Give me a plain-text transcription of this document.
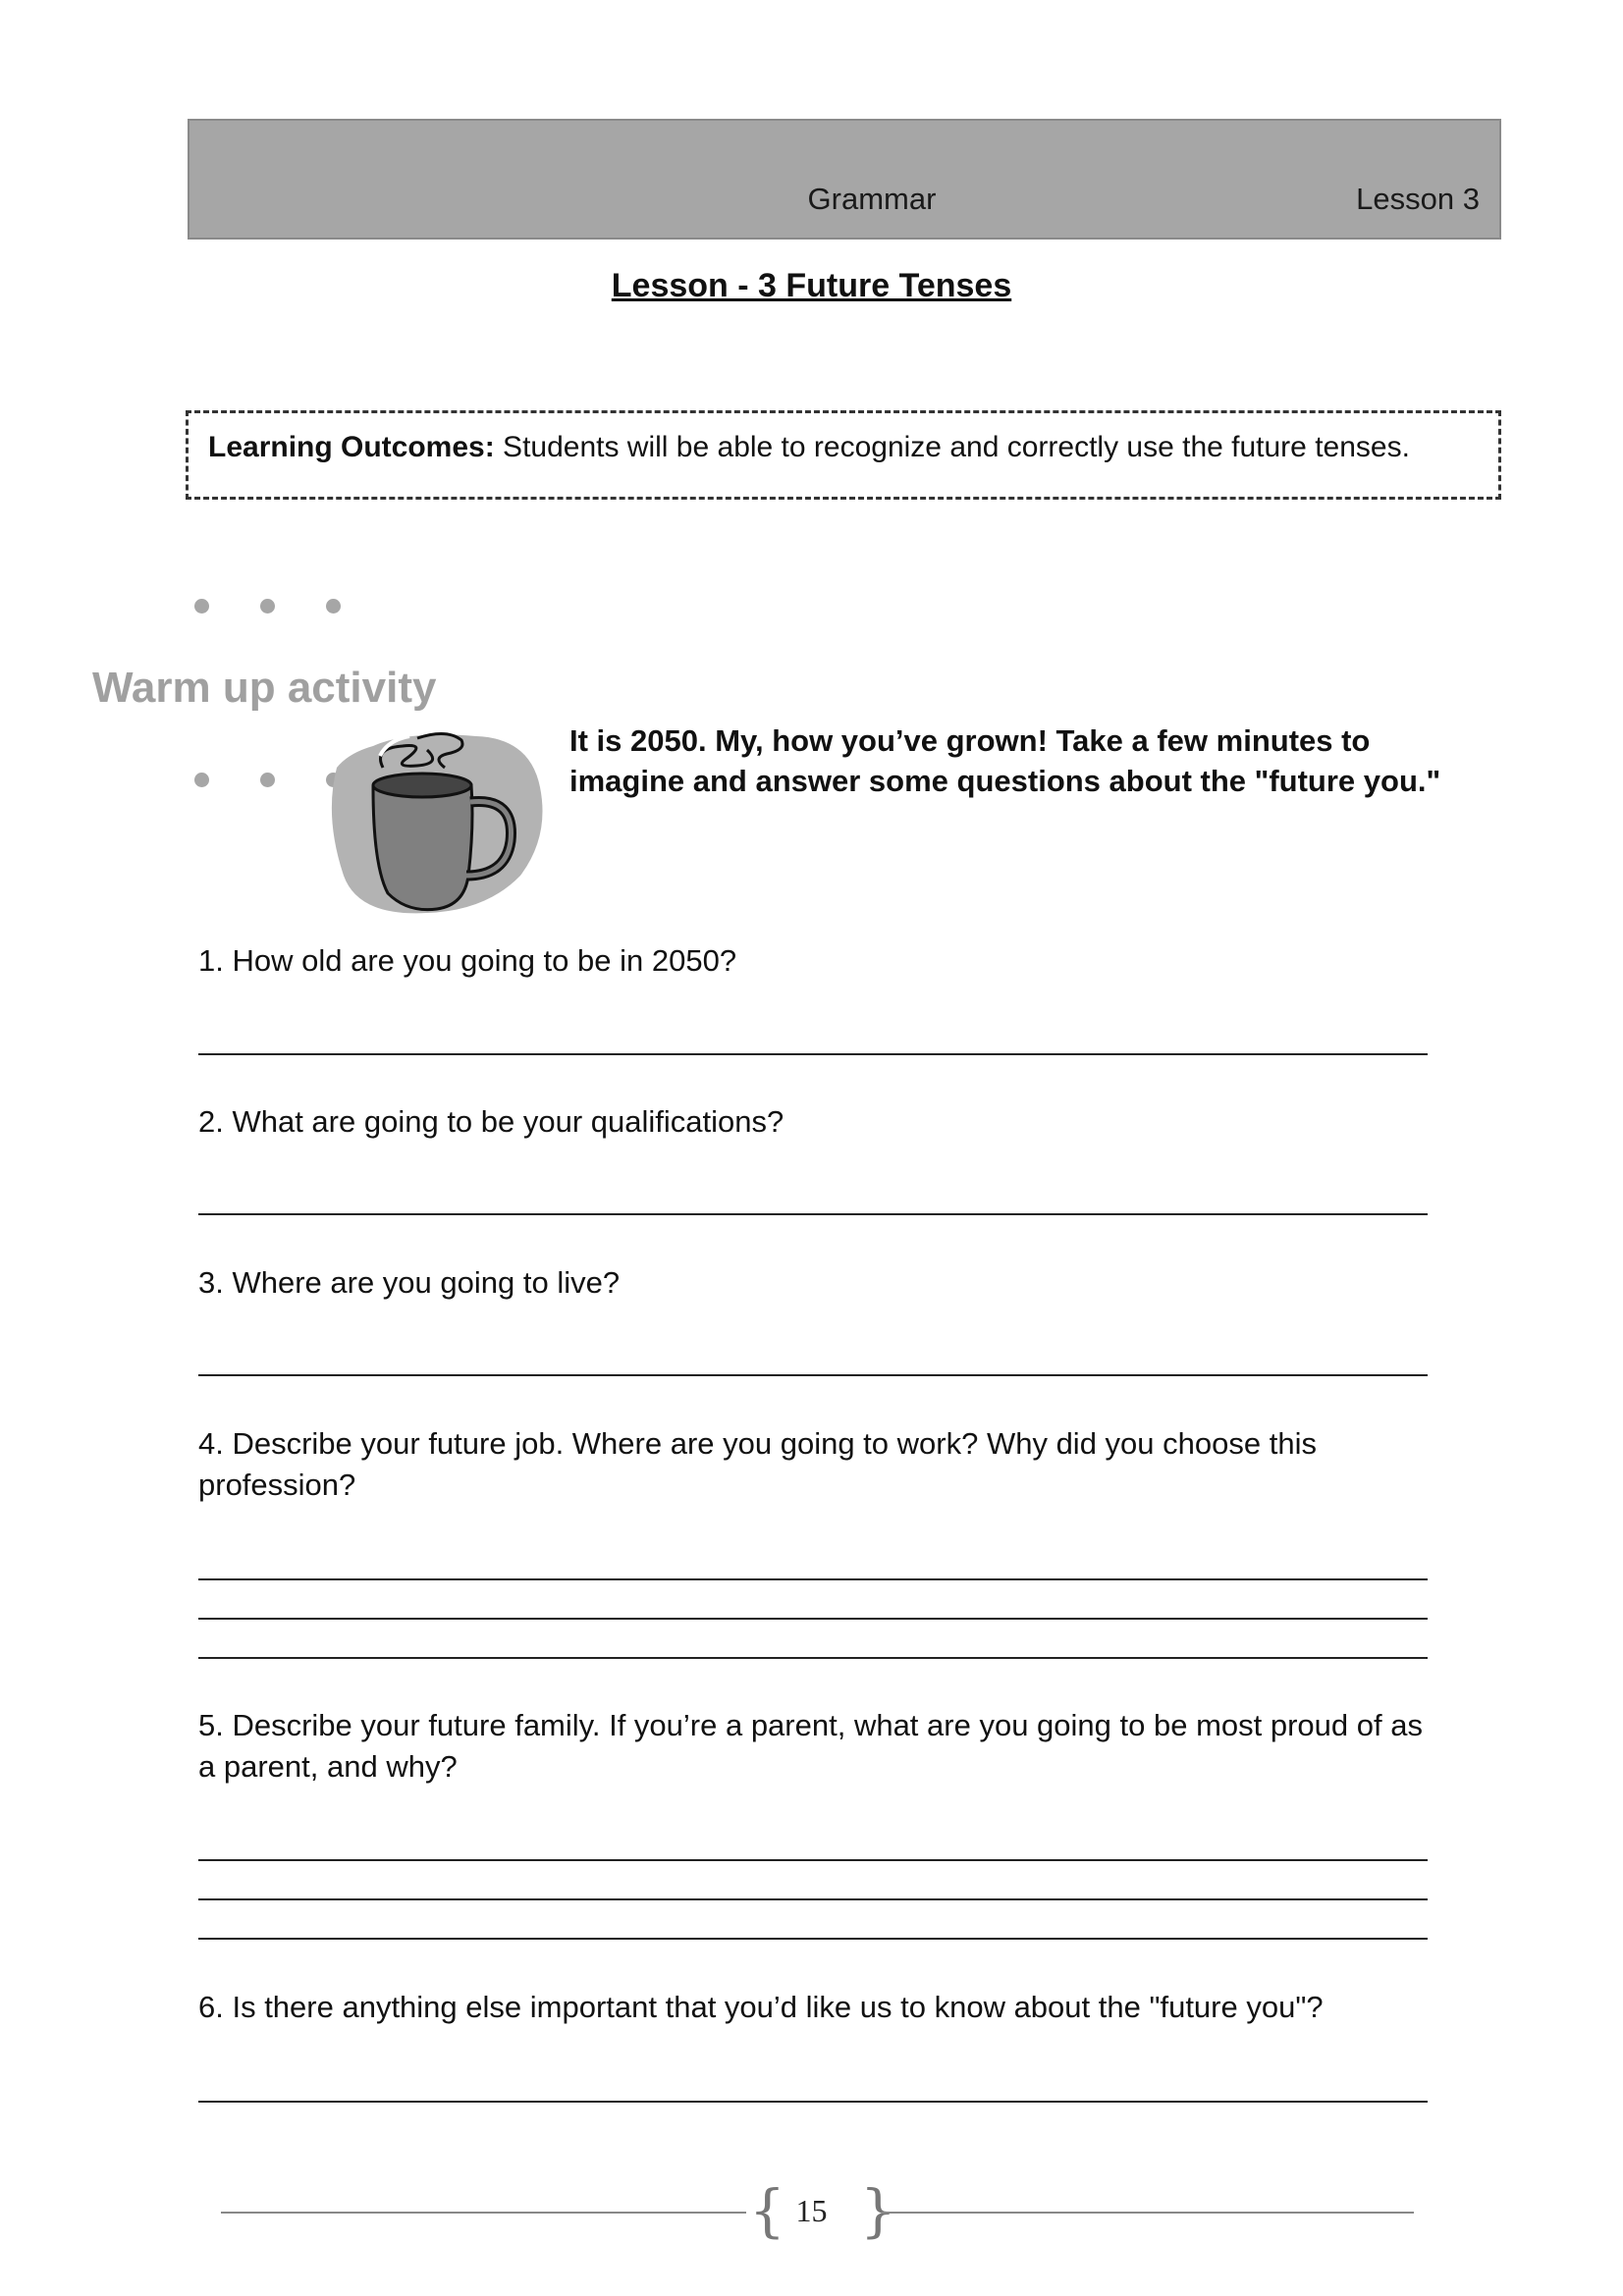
Grammar	Lesson 3
Lesson - 3 Future Tenses
Learning Outcomes: Students will be able to recognize and correctly use the future tenses.
Warm up activity
It is 2050. My, how you’ve grown! Take a few minutes to imagine and answer some questions about the "future you."
1. How old are you going to be in 2050?
2. What are going to be your qualifications?
3. Where are you going to live?
4. Describe your future job. Where are you going to work? Why did you choose this profession?
5. Describe your future family. If you’re a parent, what are you going to be most proud of as a parent, and why?
6. Is there anything else important that you’d like us to know about the "future you"?
{ 15 }
